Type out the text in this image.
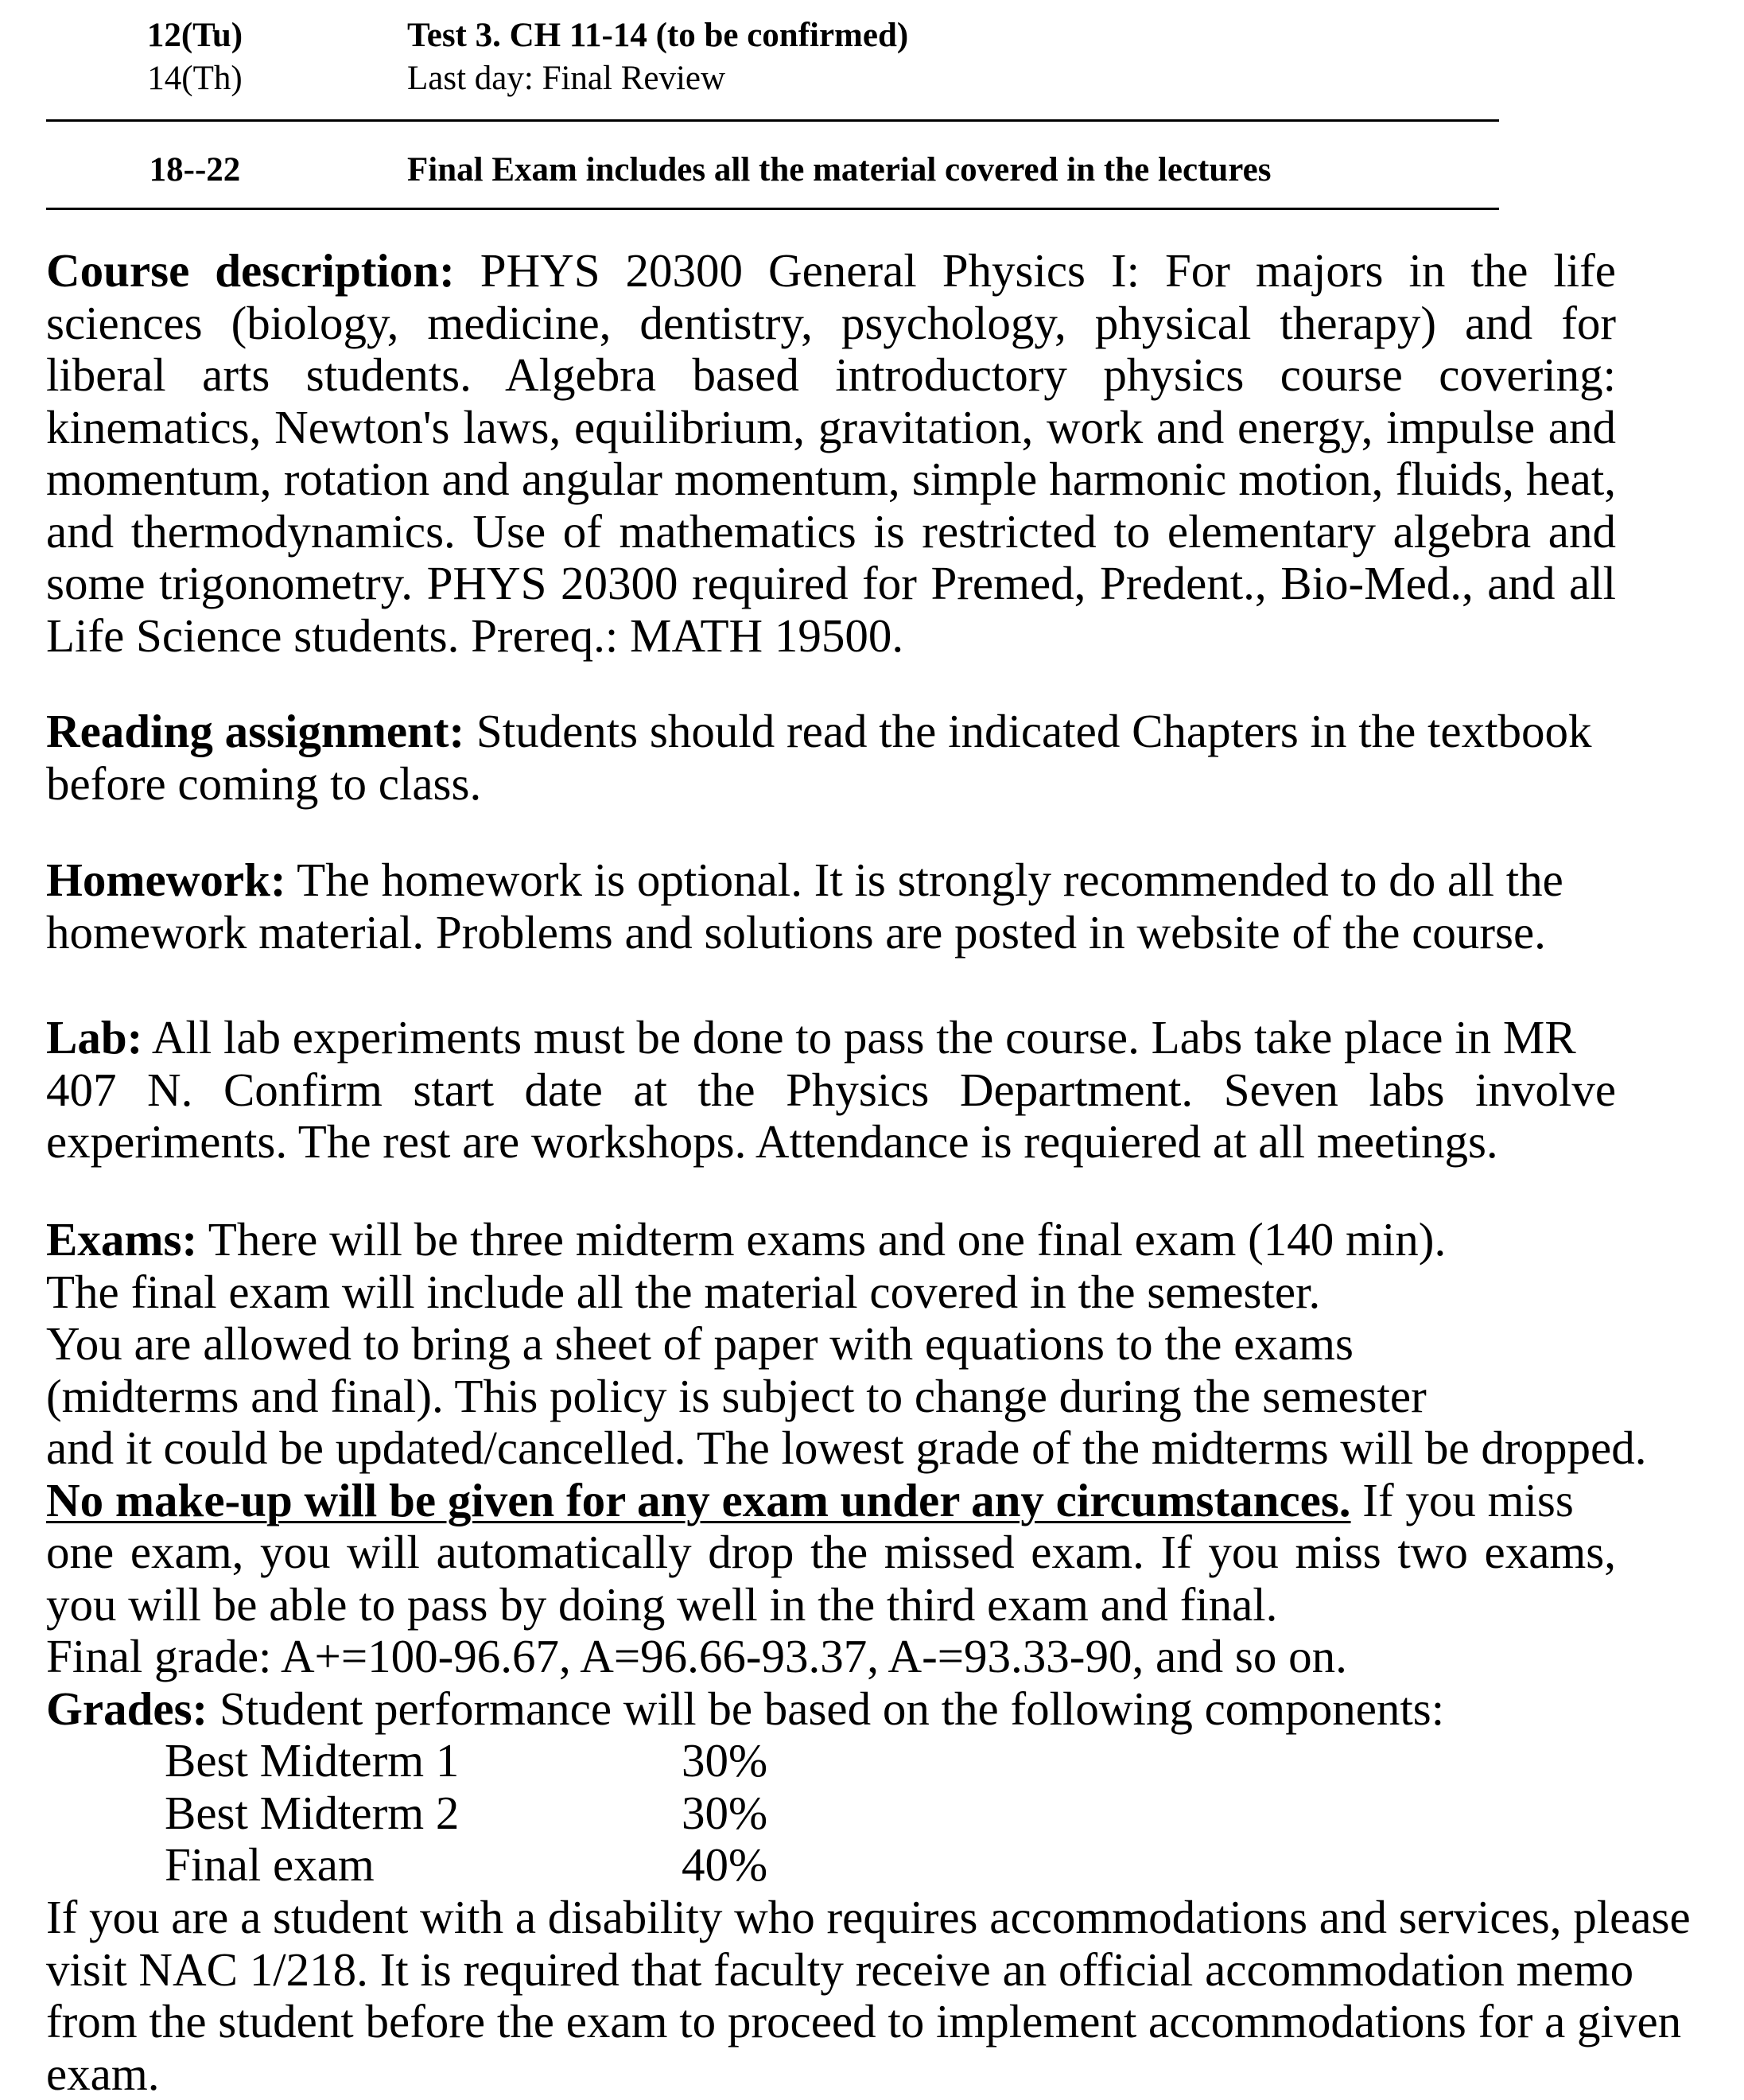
12(Tu)	Test 3. CH 11-14 (to be confirmed)
14(Th)	Last day: Final Review
18--22	Final Exam includes all the material covered in the lectures
Course description: PHYS 20300 General Physics I: For majors in the life
sciences (biology, medicine, dentistry, psychology, physical therapy) and for
liberal arts students. Algebra based introductory physics course covering:
kinematics, Newton's laws, equilibrium, gravitation, work and energy, impulse and
momentum, rotation and angular momentum, simple harmonic motion, fluids, heat,
and thermodynamics. Use of mathematics is restricted to elementary algebra and
some trigonometry. PHYS 20300 required for Premed, Predent., Bio-Med., and all
Life Science students. Prereq.: MATH 19500.
Reading assignment: Students should read the indicated Chapters in the textbook
before coming to class.
Homework: The homework is optional. It is strongly recommended to do all the
homework material. Problems and solutions are posted in website of the course.
Lab: All lab experiments must be done to pass the course. Labs take place in MR
407 N. Confirm start date at the Physics Department. Seven labs involve
experiments. The rest are workshops. Attendance is requiered at all meetings.
Exams: There will be three midterm exams and one final exam (140 min).
The final exam will include all the material covered in the semester.
You are allowed to bring a sheet of paper with equations to the exams
(midterms and final). This policy is subject to change during the semester
and it could be updated/cancelled. The lowest grade of the midterms will be dropped.
No make-up will be given for any exam under any circumstances. If you miss
one exam, you will automatically drop the missed exam. If you miss two exams,
you will be able to pass by doing well in the third exam and final.
Final grade: A+=100-96.67, A=96.66-93.37, A-=93.33-90, and so on.
Grades: Student performance will be based on the following components:
Best Midterm 1	30%
Best Midterm 2	30%
Final exam	40%
If you are a student with a disability who requires accommodations and services, please
visit NAC 1/218. It is required that faculty receive an official accommodation memo
from the student before the exam to proceed to implement accommodations for a given
exam.
